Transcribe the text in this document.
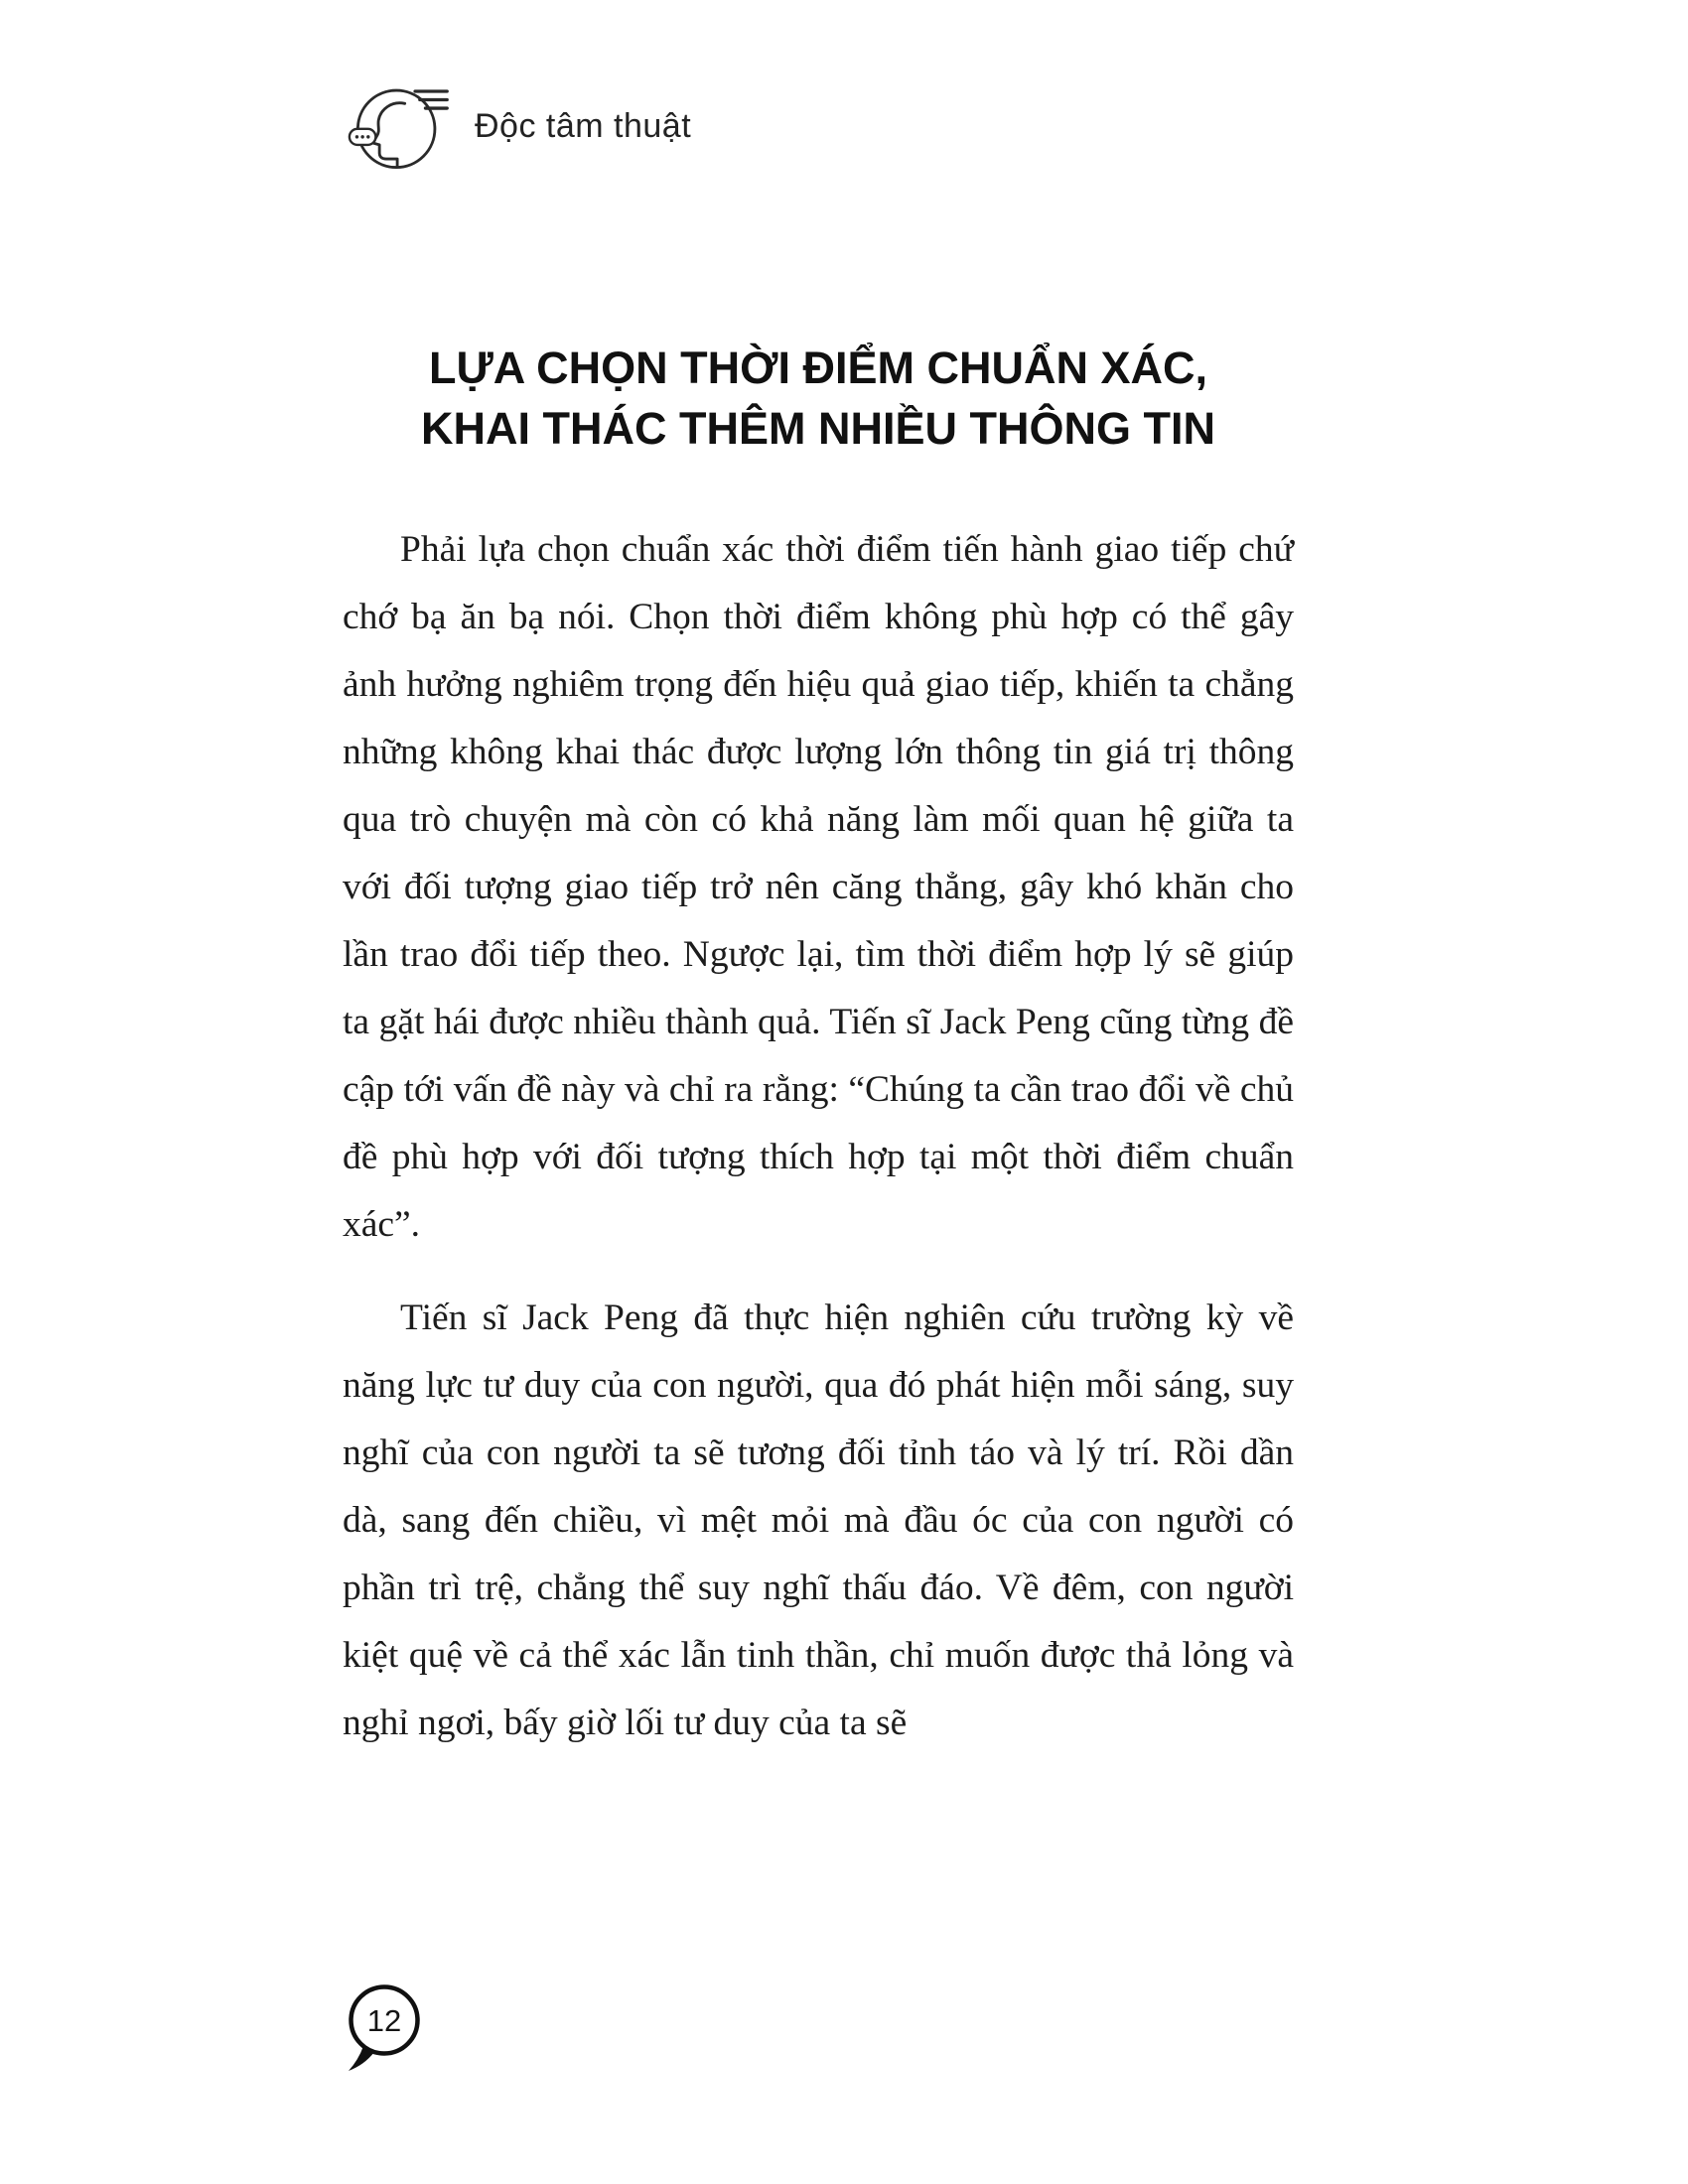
Độc tâm thuật
LỰA CHỌN THỜI ĐIỂM CHUẨN XÁC,
KHAI THÁC THÊM NHIỀU THÔNG TIN

Phải lựa chọn chuẩn xác thời điểm tiến hành giao tiếp chứ chớ bạ ăn bạ nói. Chọn thời điểm không phù hợp có thể gây ảnh hưởng nghiêm trọng đến hiệu quả giao tiếp, khiến ta chẳng những không khai thác được lượng lớn thông tin giá trị thông qua trò chuyện mà còn có khả năng làm mối quan hệ giữa ta với đối tượng giao tiếp trở nên căng thẳng, gây khó khăn cho lần trao đổi tiếp theo. Ngược lại, tìm thời điểm hợp lý sẽ giúp ta gặt hái được nhiều thành quả. Tiến sĩ Jack Peng cũng từng đề cập tới vấn đề này và chỉ ra rằng: “Chúng ta cần trao đổi về chủ đề phù hợp với đối tượng thích hợp tại một thời điểm chuẩn xác”.

Tiến sĩ Jack Peng đã thực hiện nghiên cứu trường kỳ về năng lực tư duy của con người, qua đó phát hiện mỗi sáng, suy nghĩ của con người ta sẽ tương đối tỉnh táo và lý trí. Rồi dần dà, sang đến chiều, vì mệt mỏi mà đầu óc của con người có phần trì trệ, chẳng thể suy nghĩ thấu đáo. Về đêm, con người kiệt quệ về cả thể xác lẫn tinh thần, chỉ muốn được thả lỏng và nghỉ ngơi, bấy giờ lối tư duy của ta sẽ

12
